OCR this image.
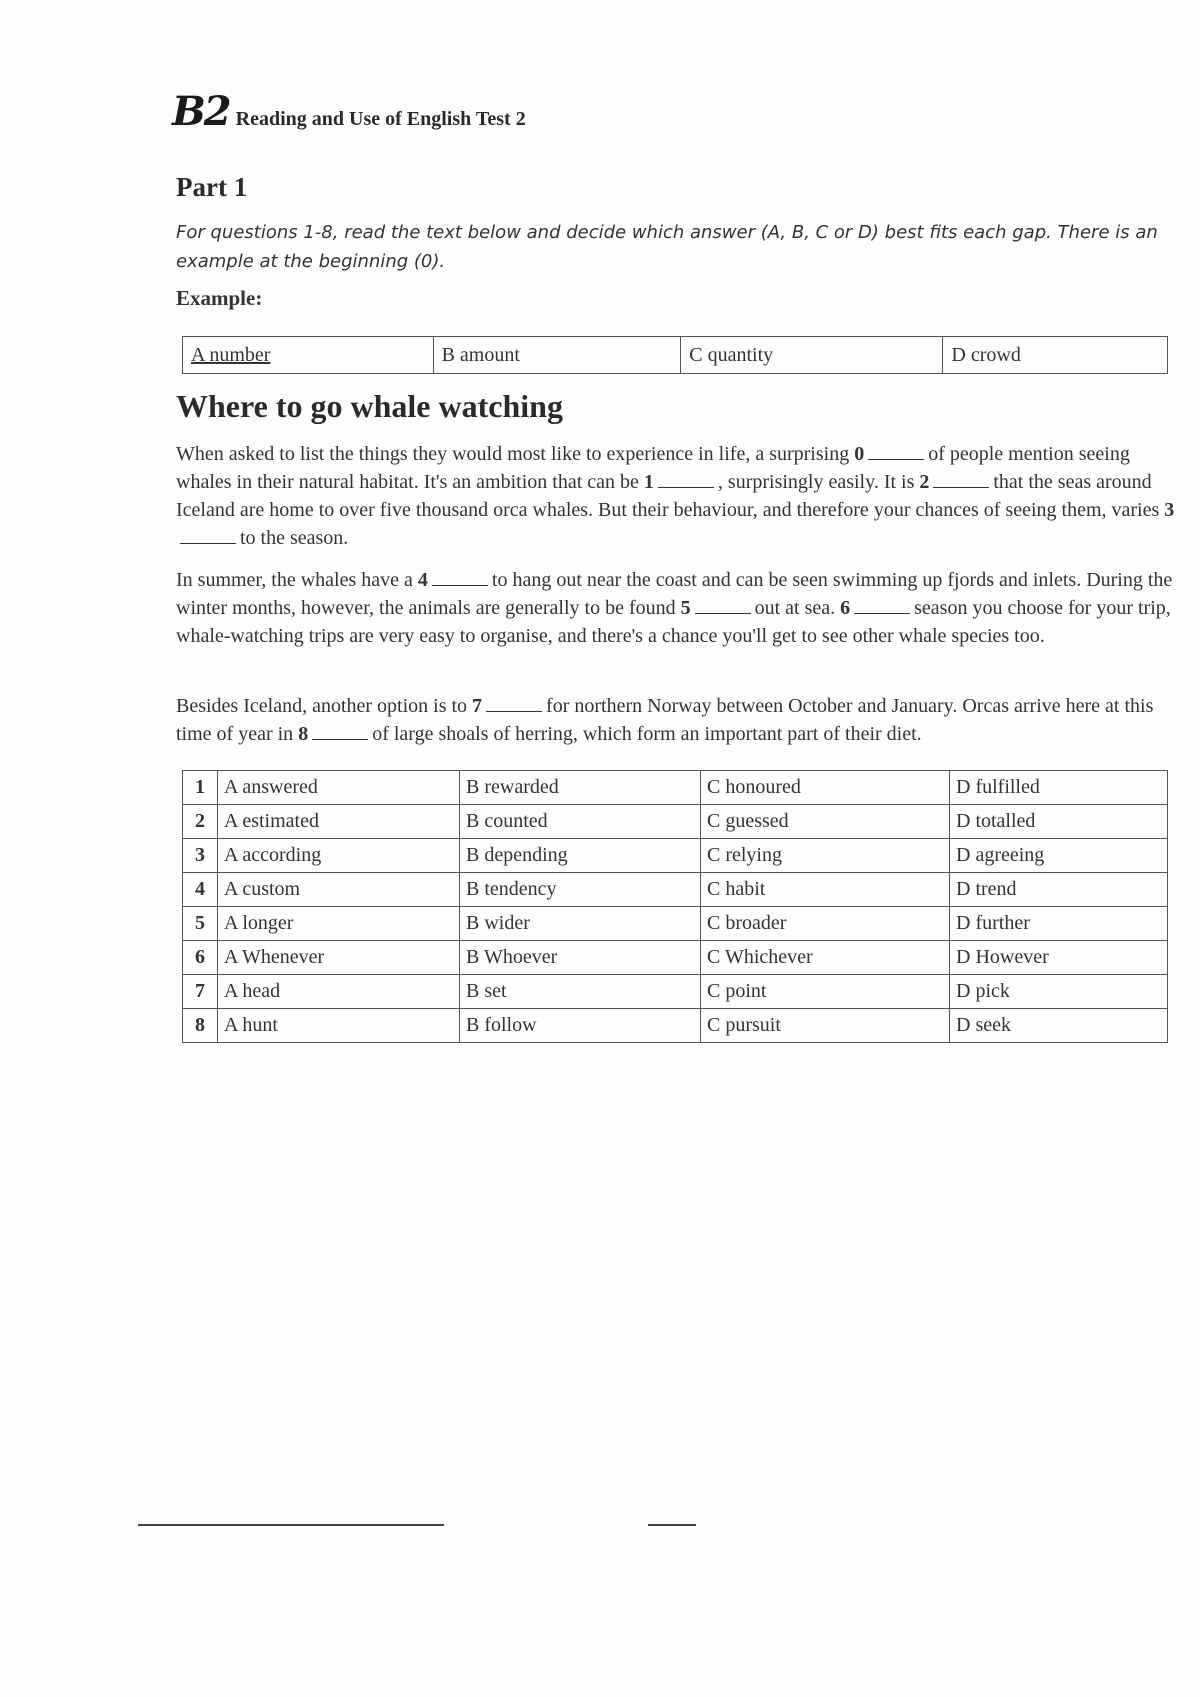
B2 Reading and Use of English Test 2
Part 1
For questions 1-8, read the text below and decide which answer (A, B, C or D) best fits each gap. There is an example at the beginning (0).
Example:
A number	B amount	C quantity	D crowd
Where to go whale watching
When asked to list the things they would most like to experience in life, a surprising 0	of people mention seeing whales in their natural habitat. It's an ambition that can be 1	, surprisingly easily. It is 2	that the seas around Iceland are home to over five thousand orca whales. But their behaviour, and therefore your chances of seeing them, varies 3to the season.
In summer, the whales have a 4	to hang out near the coast and can be seen swimming up fjords and inlets. During the winter months, however, the animals are generally to be found 5	out at sea. 6	season you choose for your trip, whale-watching trips are very easy to organise, and there's a chance you'll get to see other whale species too.
Besides Iceland, another option is to 7	for northern Norway between October and January. Orcas arrive here at this time of year in 8	of large shoals of herring, which form an important part of their diet.
1	A answered	B rewarded	C honoured	D fulfilled
2	A estimated	B counted	C guessed	D totalled
3	A according	B depending	C relying	D agreeing
4	A custom	B tendency	C habit	D trend
5	A longer	B wider	C broader	D further
6	A Whenever	B Whoever	C Whichever	D However
7	A head	B set	C point	D pick
8	A hunt	B follow	C pursuit	D seek
